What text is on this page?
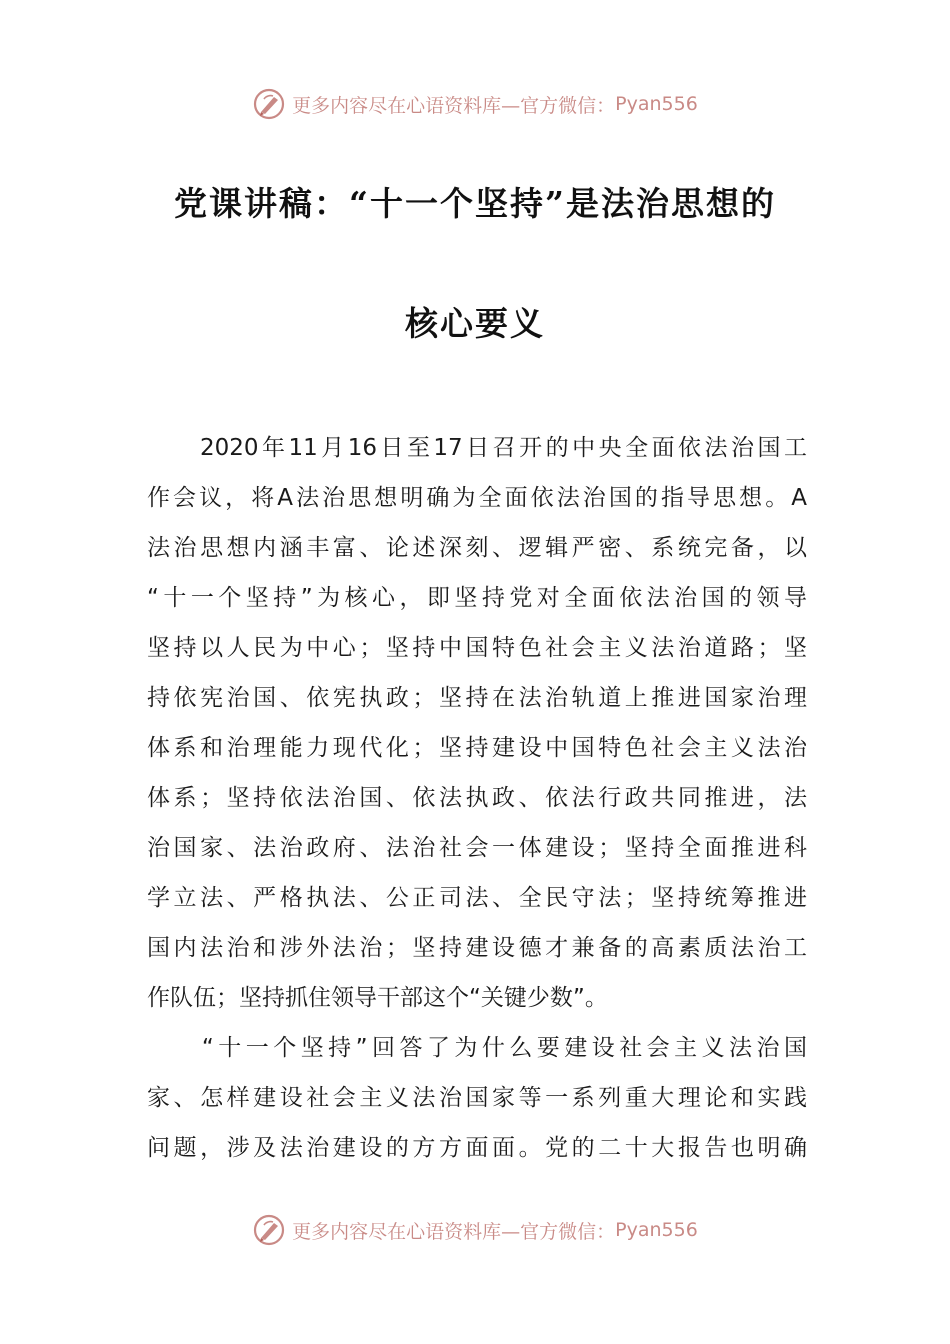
更多内容尽在心语资料库—官方微信： Pyan556
党课讲稿：“十一个坚持”是法治思想的
核心要义
　　2020年11月16日至17日召开的中央全面依法治国工
作会议，将A法治思想明确为全面依法治国的指导思想。A
法治思想内涵丰富、论述深刻、逻辑严密、系统完备，以
“十一个坚持”为核心，即坚持党对全面依法治国的领导
坚持以人民为中心；坚持中国特色社会主义法治道路；坚
持依宪治国、依宪执政；坚持在法治轨道上推进国家治理
体系和治理能力现代化；坚持建设中国特色社会主义法治
体系；坚持依法治国、依法执政、依法行政共同推进，法
治国家、法治政府、法治社会一体建设；坚持全面推进科
学立法、严格执法、公正司法、全民守法；坚持统筹推进
国内法治和涉外法治；坚持建设德才兼备的高素质法治工
作队伍；坚持抓住领导干部这个“关键少数”。
　　“十一个坚持”回答了为什么要建设社会主义法治国
家、怎样建设社会主义法治国家等一系列重大理论和实践
问题，涉及法治建设的方方面面。党的二十大报告也明确
更多内容尽在心语资料库—官方微信： Pyan556
